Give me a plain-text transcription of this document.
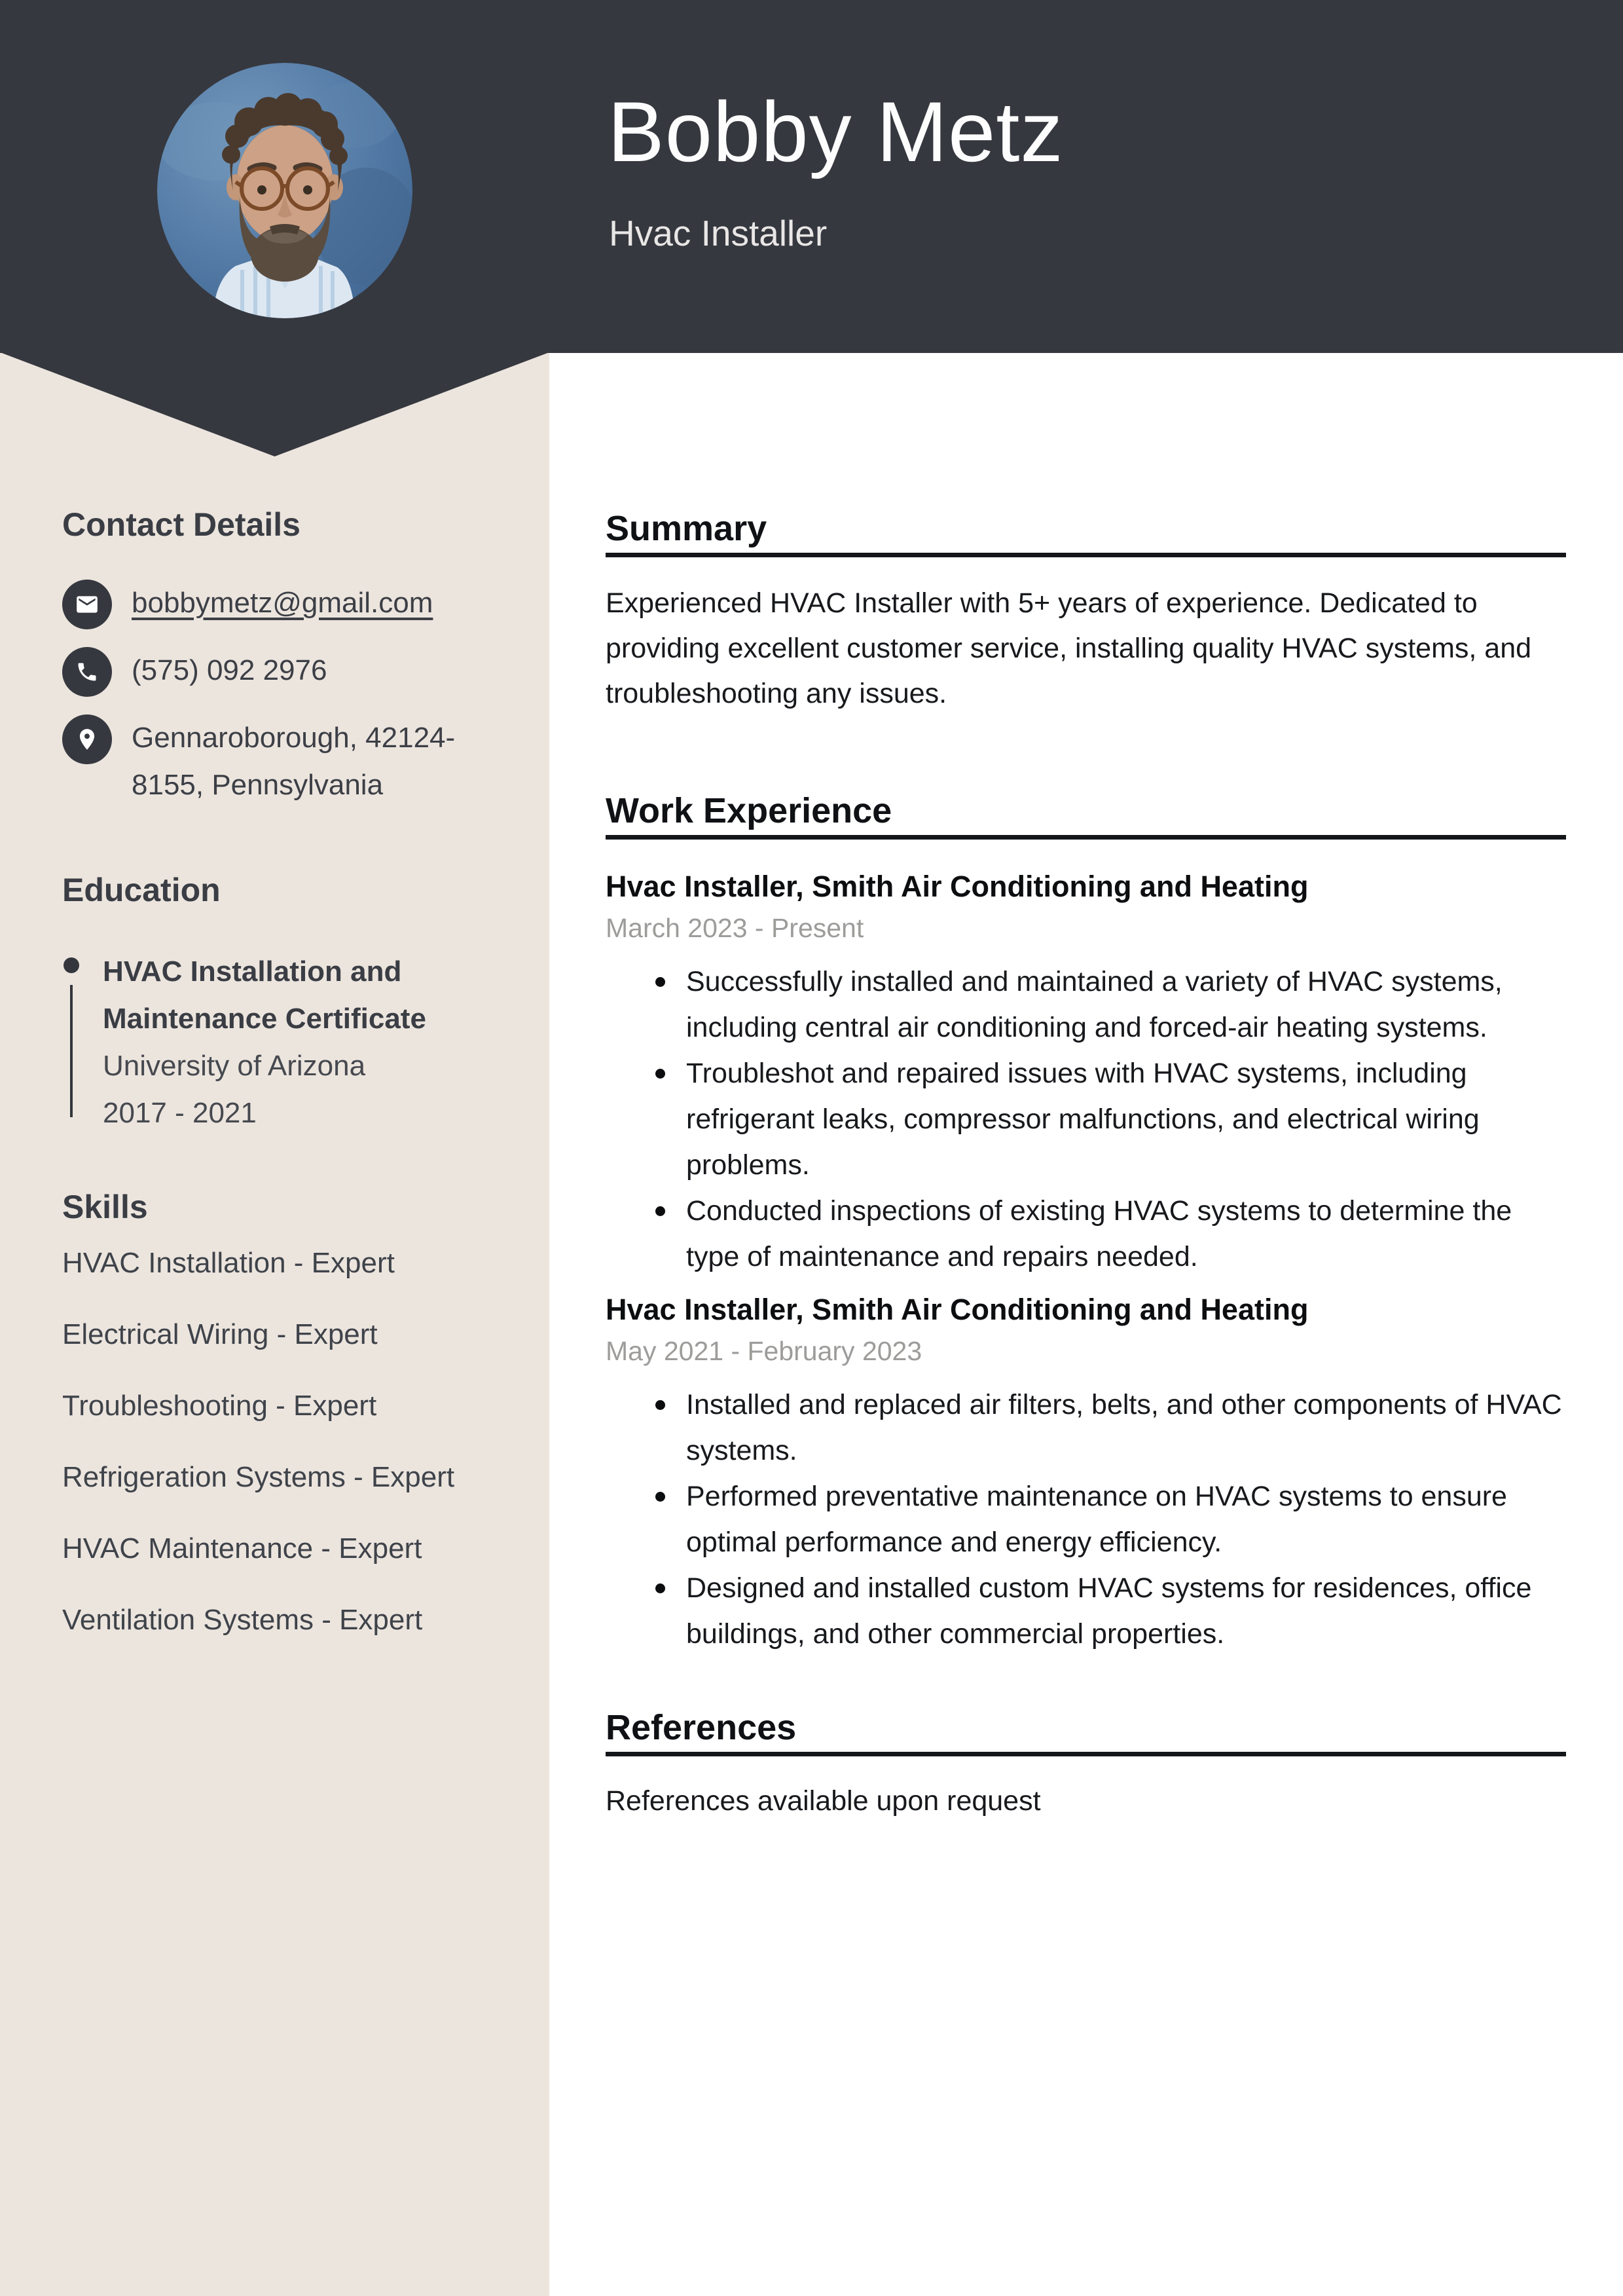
Bobby Metz
Hvac Installer
Contact Details
bobbymetz@gmail.com
(575) 092 2976
Gennaroborough, 42124-8155, Pennsylvania
Education

HVAC Installation and Maintenance Certificate

University of Arizona

2017 - 2021

Skills
HVAC Installation - Expert
Electrical Wiring - Expert
Troubleshooting - Expert
Refrigeration Systems - Expert
HVAC Maintenance - Expert
Ventilation Systems - Expert
Summary

Experienced HVAC Installer with 5+ years of experience. Dedicated to providing excellent customer service, installing quality HVAC systems, and troubleshooting any issues.

Work Experience

Hvac Installer, Smith Air Conditioning and Heating

March 2023 - Present

Successfully installed and maintained a variety of HVAC systems, including central air conditioning and forced-air heating systems.
Troubleshot and repaired issues with HVAC systems, including refrigerant leaks, compressor malfunctions, and electrical wiring problems.
Conducted inspections of existing HVAC systems to determine the type of maintenance and repairs needed.

Hvac Installer, Smith Air Conditioning and Heating

May 2021 - February 2023

Installed and replaced air filters, belts, and other components of HVAC systems.
Performed preventative maintenance on HVAC systems to ensure optimal performance and energy efficiency.
Designed and installed custom HVAC systems for residences, office buildings, and other commercial properties.
References

References available upon request
